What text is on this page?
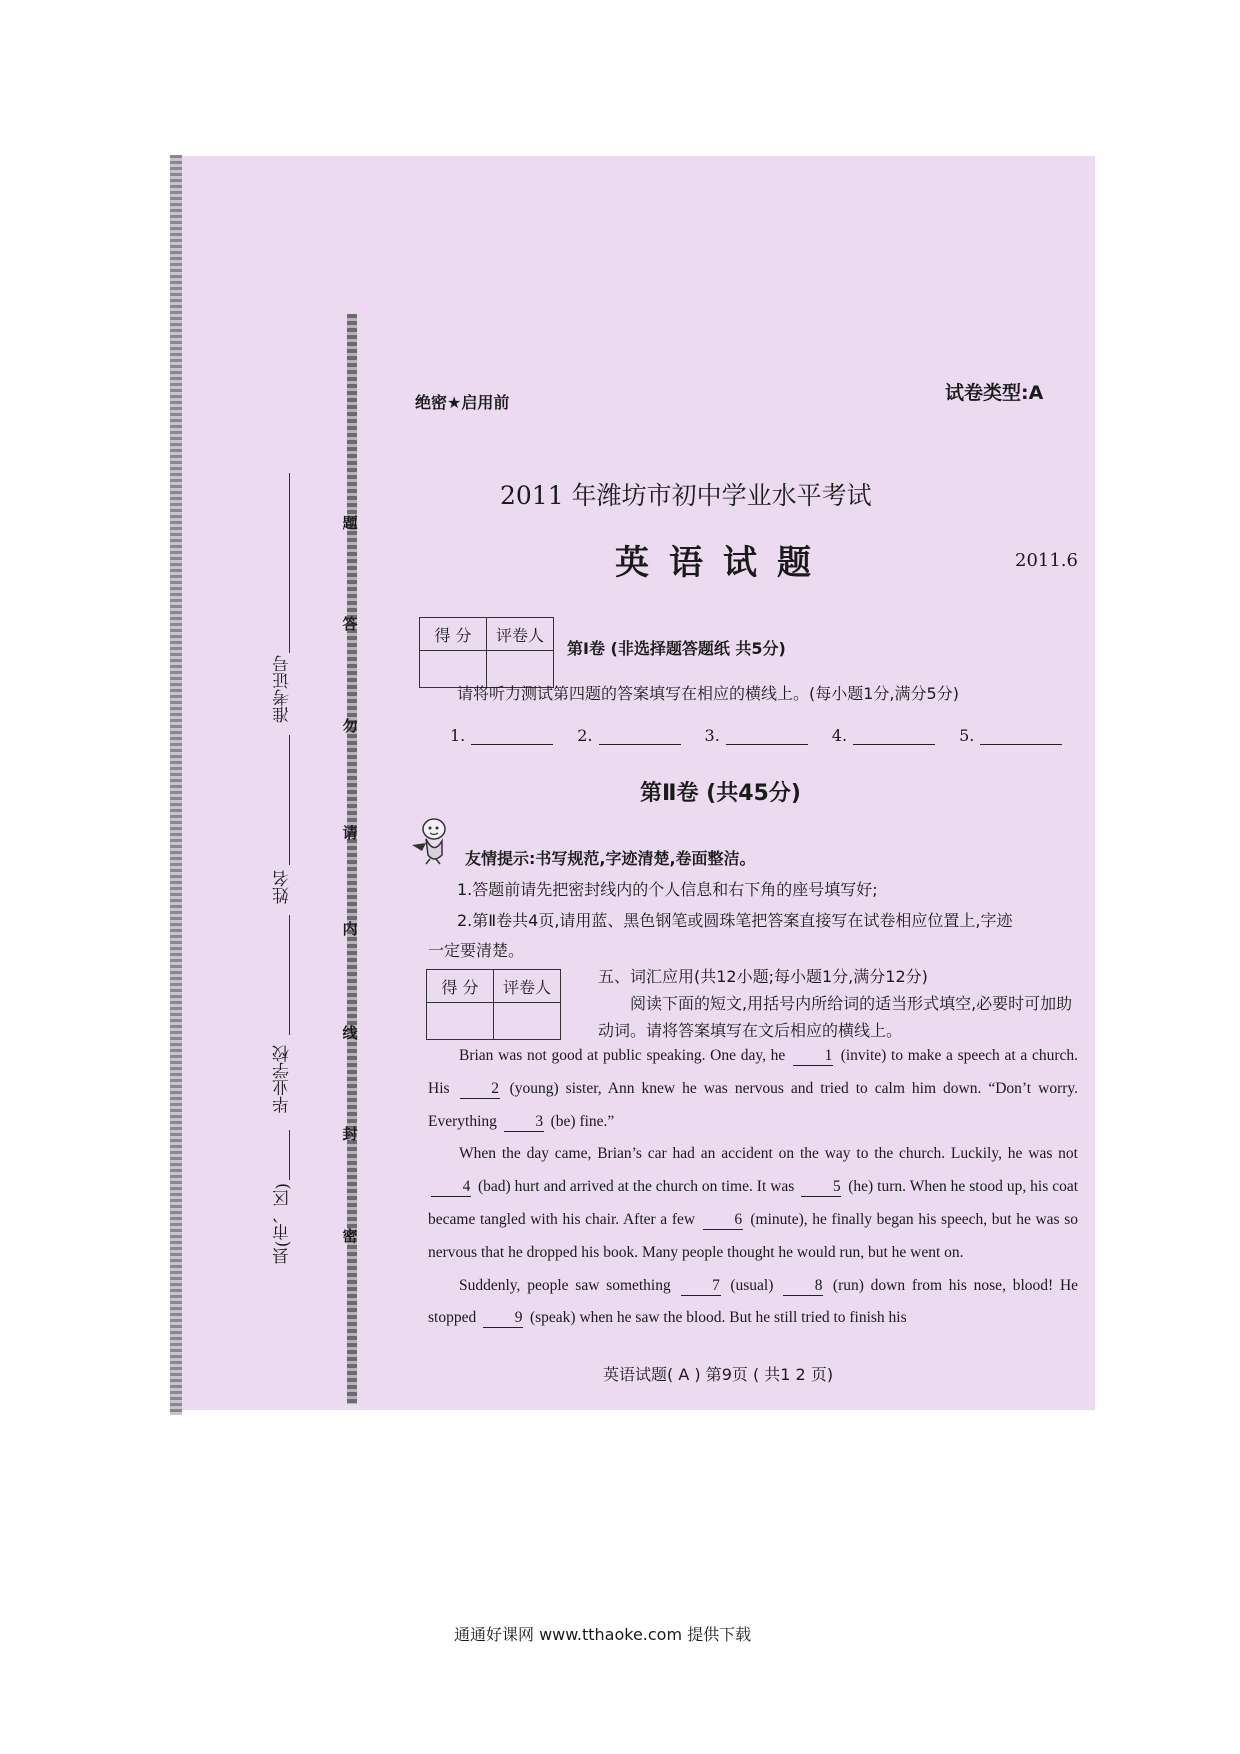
题
答
勿
请
内
线
封
密
准考证号
姓名
毕业学校
县(市、区)
绝密★启用前	试卷类型:A
2011 年潍坊市初中学业水平考试
英语试题	2011.6
得 分	评卷人

第Ⅰ卷 (非选择题答题纸 共5分)
请将听力测试第四题的答案填写在相应的横线上。(每小题1分,满分5分)
1.	2.	3.	4.	5.
第Ⅱ卷 (共45分)
友情提示:书写规范,字迹清楚,卷面整洁。
1.答题前请先把密封线内的个人信息和右下角的座号填写好;
2.第Ⅱ卷共4页,请用蓝、黑色钢笔或圆珠笔把答案直接写在试卷相应位置上,字迹
一定要清楚。
得 分	评卷人

五、词汇应用(共12小题;每小题1分,满分12分)
阅读下面的短文,用括号内所给词的适当形式填空,必要时可加助动词。请将答案填写在文后相应的横线上。

Brian was not good at public speaking. One day, he	1 (invite) to make a speech at a church. His	2 (young) sister, Ann knew he was nervous and tried to calm him down. “Don’t worry. Everything 3 (be) fine.”

When the day came, Brian’s car had an accident on the way to the church. Luckily, he was not 4 (bad) hurt and arrived at the church on time. It was 5 (he) turn. When he stood up, his coat became tangled with his chair. After a few	6 (minute), he finally began his speech, but he was so nervous that he dropped his book. Many people thought he would run, but he went on.

Suddenly, people saw something	7 (usual)	8 (run) down from his nose, blood! He stopped 9 (speak) when he saw the blood. But he still tried to finish his

英语试题( A ) 第9页 ( 共1 2 页)
通通好课网 www.tthaoke.com 提供下载
